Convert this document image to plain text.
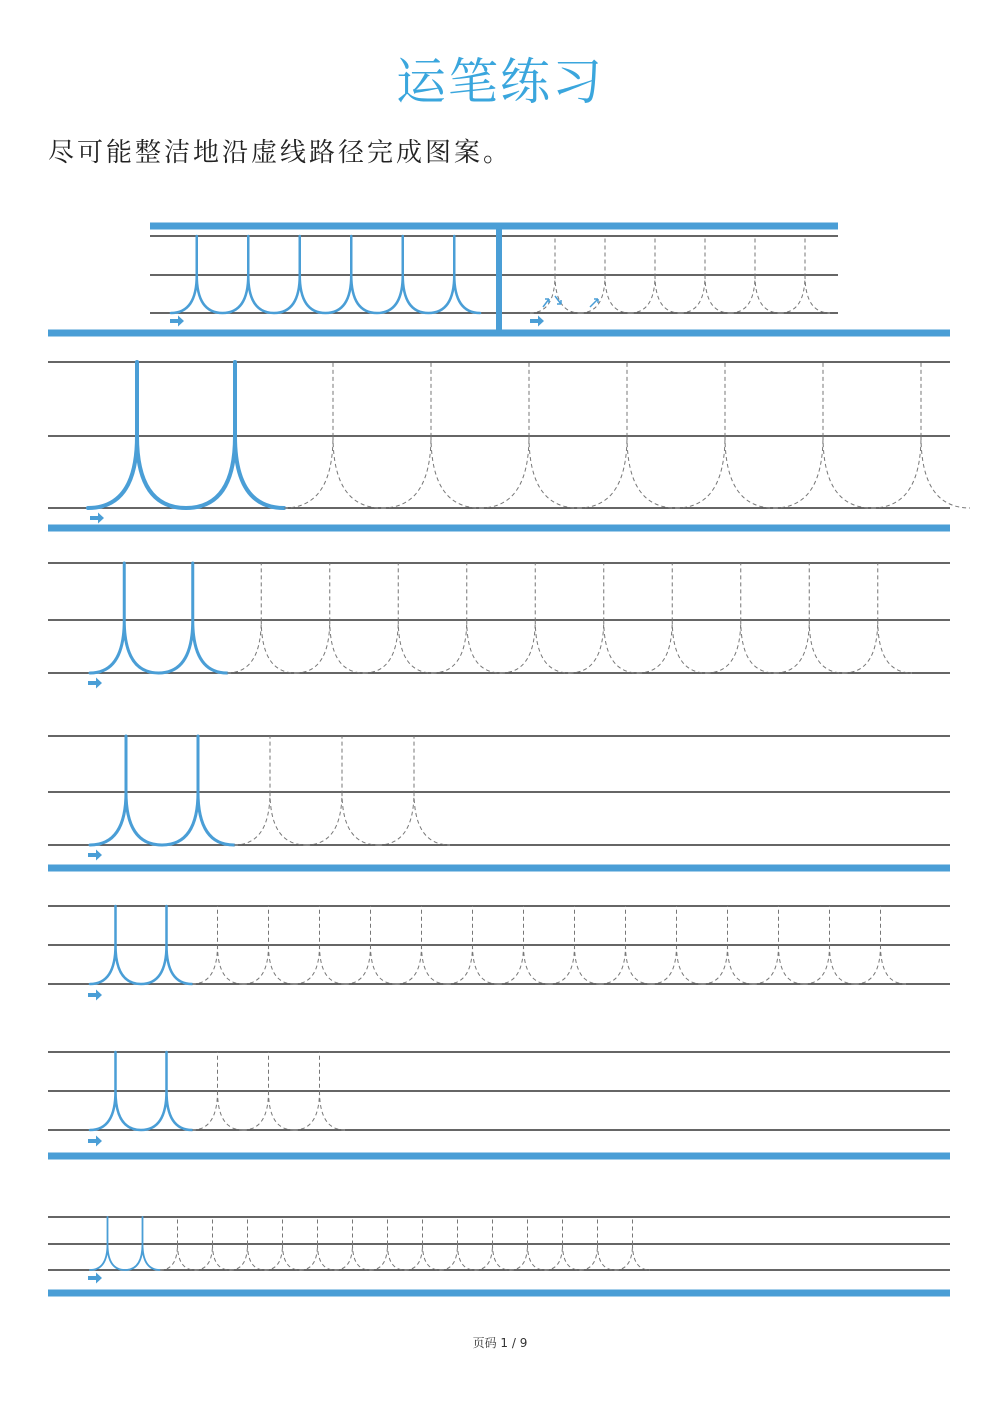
运笔练习
尽可能整洁地沿虚线路径完成图案。
页码 1 / 9
